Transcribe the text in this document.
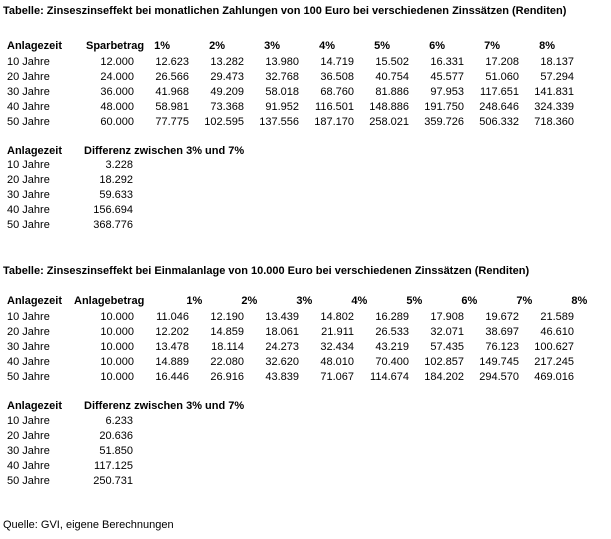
Tabelle: Zinseszinseffekt bei monatlichen Zahlungen von 100 Euro bei verschiedenen Zinssätzen (Renditen)
Anlagezeit	Sparbetrag	1%	2%	3%	4%	5%	6%	7%	8%
10 Jahre	12.000	12.623	13.282	13.980	14.719	15.502	16.331	17.208	18.137
20 Jahre	24.000	26.566	29.473	32.768	36.508	40.754	45.577	51.060	57.294
30 Jahre	36.000	41.968	49.209	58.018	68.760	81.886	97.953	117.651	141.831
40 Jahre	48.000	58.981	73.368	91.952	116.501	148.886	191.750	248.646	324.339
50 Jahre	60.000	77.775	102.595	137.556	187.170	258.021	359.726	506.332	718.360
Anlagezeit	Differenz zwischen 3% und 7%
10 Jahre	3.228
20 Jahre	18.292
30 Jahre	59.633
40 Jahre	156.694
50 Jahre	368.776
Tabelle: Zinseszinseffekt bei Einmalanlage von 10.000 Euro bei verschiedenen Zinssätzen (Renditen)
Anlagezeit	Anlagebetrag	1%	2%	3%	4%	5%	6%	7%	8%
10 Jahre	10.000	11.046	12.190	13.439	14.802	16.289	17.908	19.672	21.589
20 Jahre	10.000	12.202	14.859	18.061	21.911	26.533	32.071	38.697	46.610
30 Jahre	10.000	13.478	18.114	24.273	32.434	43.219	57.435	76.123	100.627
40 Jahre	10.000	14.889	22.080	32.620	48.010	70.400	102.857	149.745	217.245
50 Jahre	10.000	16.446	26.916	43.839	71.067	114.674	184.202	294.570	469.016
Anlagezeit	Differenz zwischen 3% und 7%
10 Jahre	6.233
20 Jahre	20.636
30 Jahre	51.850
40 Jahre	117.125
50 Jahre	250.731
Quelle: GVI, eigene Berechnungen
